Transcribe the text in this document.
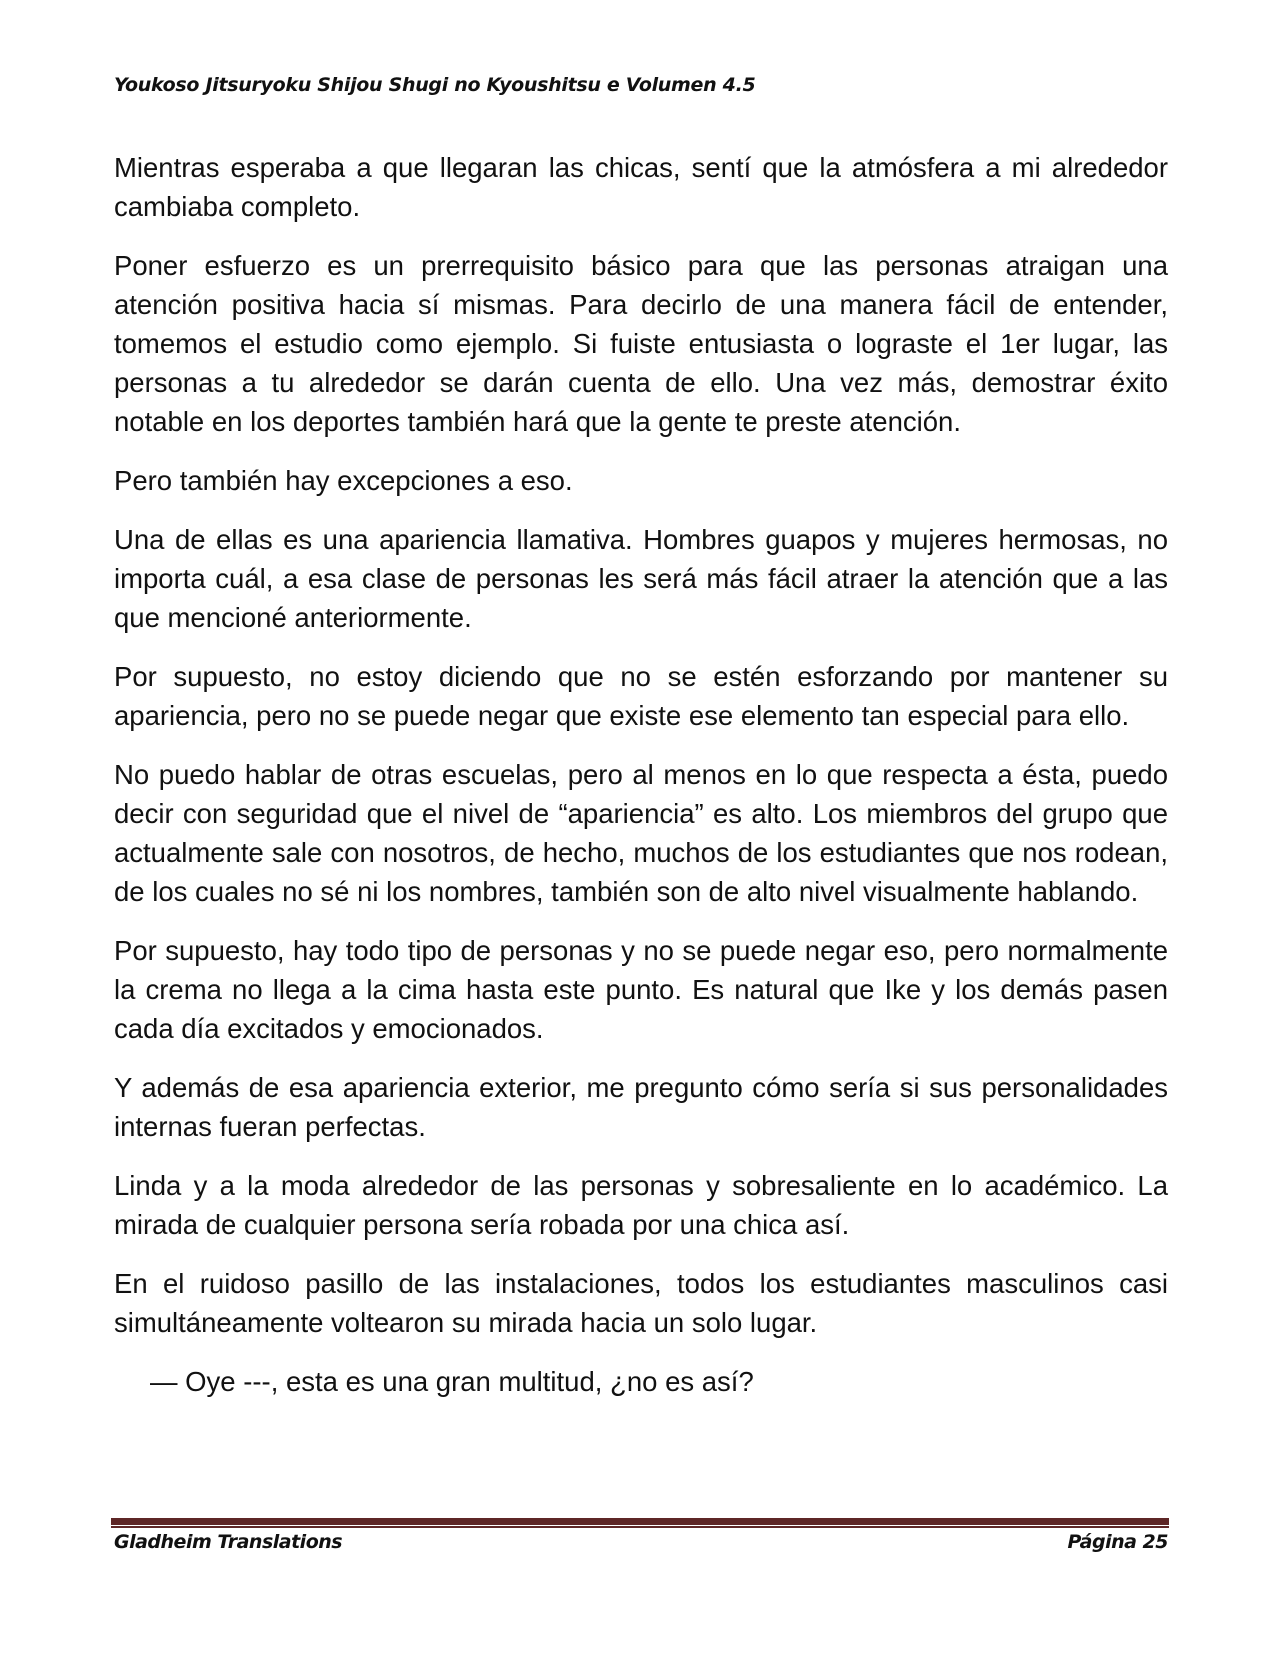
Youkoso Jitsuryoku Shijou Shugi no Kyoushitsu e Volumen 4.5

Mientras esperaba a que llegaran las chicas, sentí que la atmósfera a mi alrededor cambiaba completo.

Poner esfuerzo es un prerrequisito básico para que las personas atraigan una atención positiva hacia sí mismas. Para decirlo de una manera fácil de entender, tomemos el estudio como ejemplo. Si fuiste entusiasta o lograste el 1er lugar, las personas a tu alrededor se darán cuenta de ello. Una vez más, demostrar éxito notable en los deportes también hará que la gente te preste atención.

Pero también hay excepciones a eso.

Una de ellas es una apariencia llamativa. Hombres guapos y mujeres hermosas, no importa cuál, a esa clase de personas les será más fácil atraer la atención que a las que mencioné anteriormente.

Por supuesto, no estoy diciendo que no se estén esforzando por mantener su apariencia, pero no se puede negar que existe ese elemento tan especial para ello.

No puedo hablar de otras escuelas, pero al menos en lo que respecta a ésta, puedo decir con seguridad que el nivel de “apariencia” es alto. Los miembros del grupo que actualmente sale con nosotros, de hecho, muchos de los estudiantes que nos rodean, de los cuales no sé ni los nombres, también son de alto nivel visualmente hablando.

Por supuesto, hay todo tipo de personas y no se puede negar eso, pero normalmente la crema no llega a la cima hasta este punto. Es natural que Ike y los demás pasen cada día excitados y emocionados.

Y además de esa apariencia exterior, me pregunto cómo sería si sus personalidades internas fueran perfectas.

Linda y a la moda alrededor de las personas y sobresaliente en lo académico. La mirada de cualquier persona sería robada por una chica así.

En el ruidoso pasillo de las instalaciones, todos los estudiantes masculinos casi simultáneamente voltearon su mirada hacia un solo lugar.

— Oye ---, esta es una gran multitud, ¿no es así?

Gladheim Translations	Página 25
